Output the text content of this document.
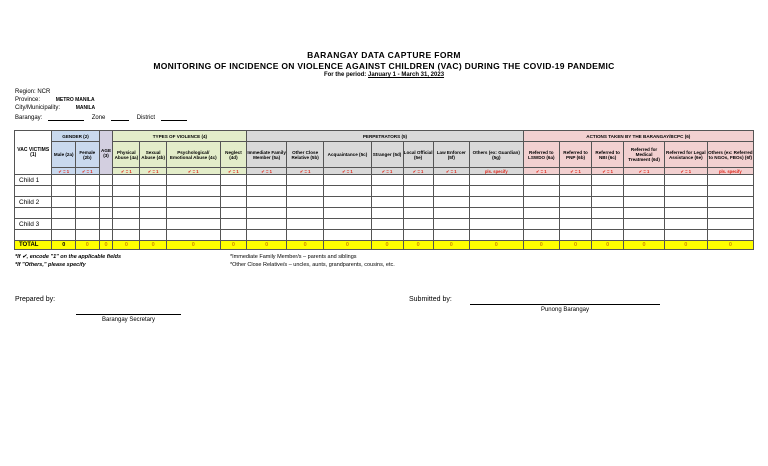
BARANGAY DATA CAPTURE FORM
MONITORING OF INCIDENCE ON VIOLENCE AGAINST CHILDREN (VAC) DURING THE COVID-19 PANDEMIC
For the period: January 1 - March 31, 2023
Region: NCR
Province:	METRO MANILA
City/Municipality:	MANILA
Barangay:	Zone	District
VAC VICTIMS (1)	GENDER (2)		AGE (3)	TYPES OF VIOLENCE (4)				PERPETRATORS (5)							ACTIONS TAKEN BY THE BARANGAY/BCPC (6)					
	Male (2a)	Female (2b)		Physical Abuse (4a)	Sexual Abuse (4b)	Psychological/ Emotional Abuse (4c)	Neglect (4d)	Immediate Family Member (5a)	Other Close Relative (5b)	Acquaintance (5c)	Stranger (5d)	Local Official (5e)	Law Enforcer (5f)	Others (ex: Guardian) (5g)	Referred to LSWDO (6a)	Referred to PNP (6b)	Referred to NBI (6c)	Referred for Medical Treatment (6d)	Referred for Legal Assistance (6e)	Others (ex: Referred to NGOs, FBOs) (6f)
	✔ = 1	✔ = 1		✔ = 1	✔ = 1	✔ = 1	✔ = 1	✔ = 1	✔ = 1	✔ = 1	✔ = 1	✔ = 1	✔ = 1	pls. specify	✔ = 1	✔ = 1	✔ = 1	✔ = 1	✔ = 1	pls. specify
Child 1																				

Child 2																				

Child 3																				

TOTAL	0	0	0	0	0	0	0	0	0	0	0	0	0	0	0	0	0	0	0	0
*If ✔, encode "1" on the applicable fields
*If "Others," please specify
*Immediate Family Member/s – parents and siblings
*Other Close Relative/s – uncles, aunts, grandparents, cousins, etc.
Prepared by:
Barangay Secretary
Submitted by:
Punong Barangay
